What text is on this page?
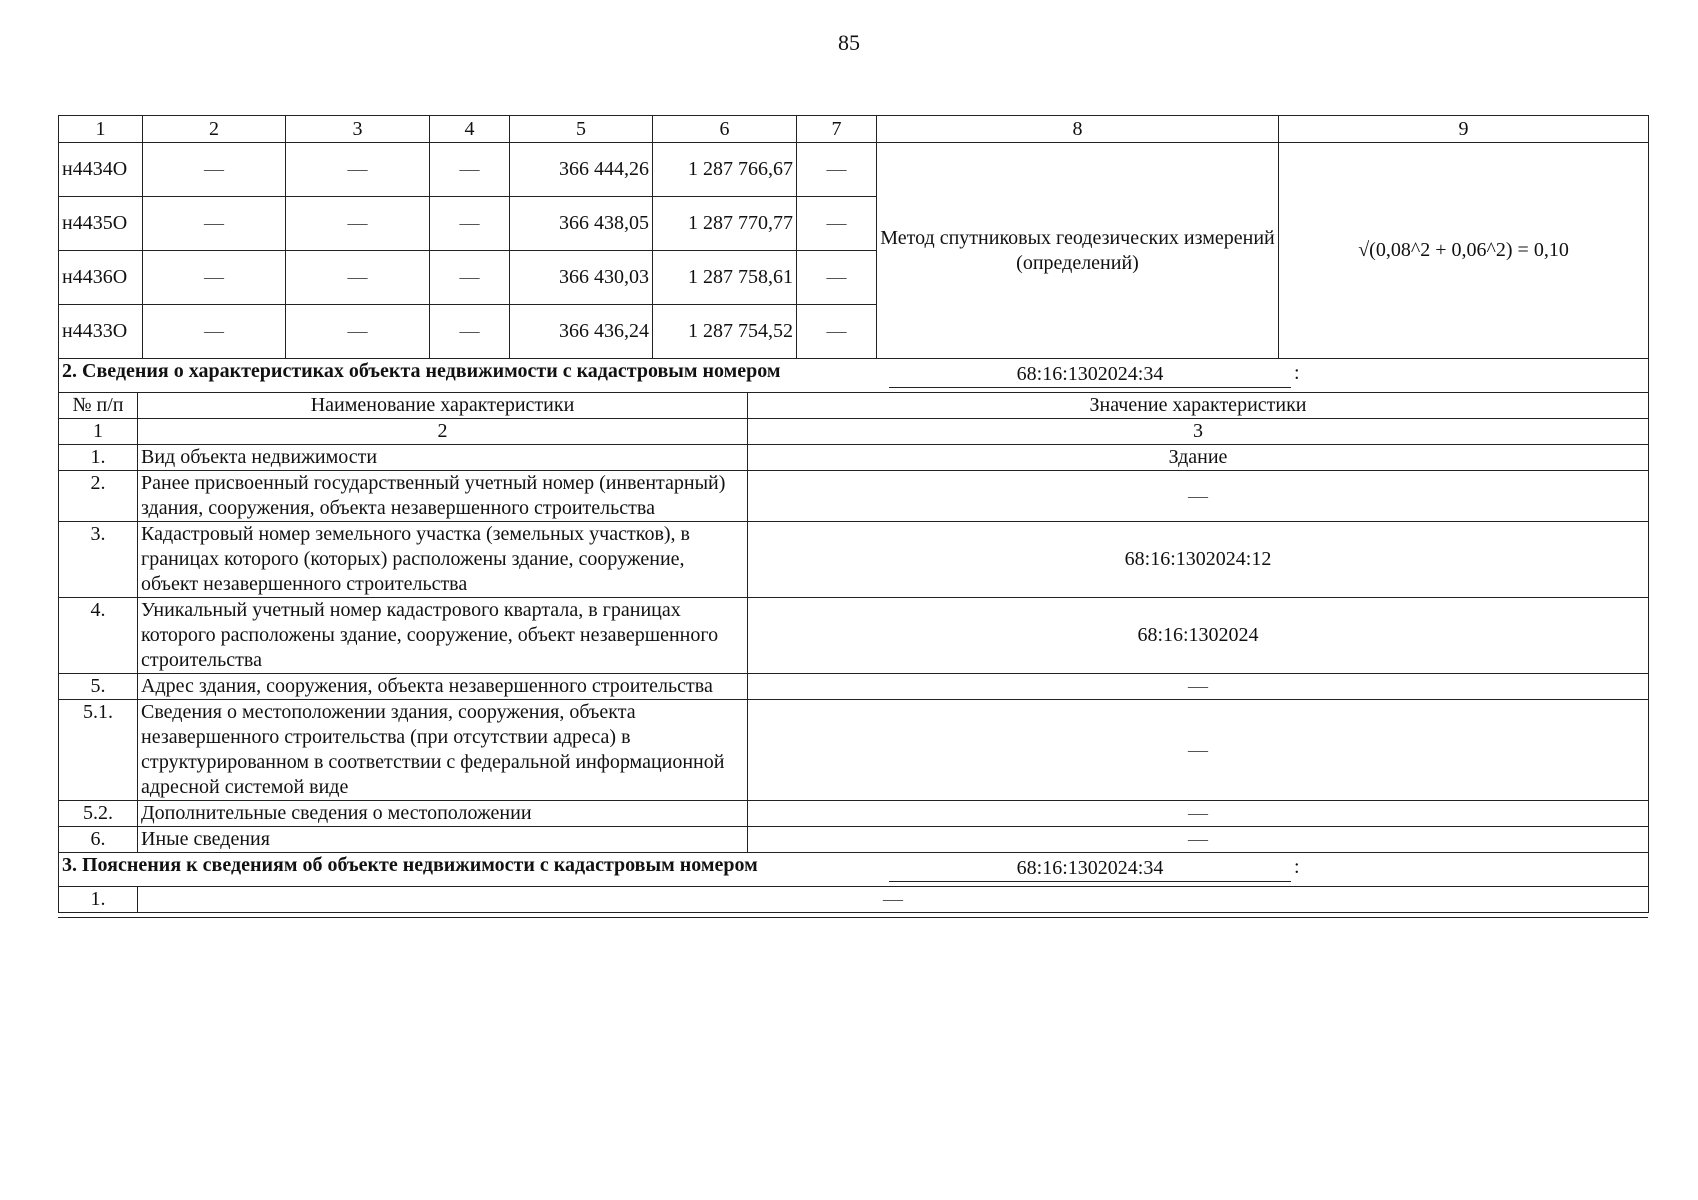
85
1	2	3	4	5	6	7	8	9
н4434О	—	—	—	366 444,26	1 287 766,67	—	Метод спутниковых геодезических измерений (определений)	√(0,08^2 + 0,06^2) = 0,10
н4435О	—	—	—	366 438,05	1 287 770,77	—		
н4436О	—	—	—	366 430,03	1 287 758,61	—		
н4433О	—	—	—	366 436,24	1 287 754,52	—		
2. Сведения о характеристиках объекта недвижимости с кадастровым номером 68:16:1302024:34 :		

№ п/п	Наименование характеристики	Значение характеристики
1	2	3
1.	Вид объекта недвижимости	Здание
2.	Ранее присвоенный государственный учетный номер (инвентарный) здания, сооружения, объекта незавершенного строительства	—
3.	Кадастровый номер земельного участка (земельных участков), в границах которого (которых) расположены здание, сооружение, объект незавершенного строительства	68:16:1302024:12
4.	Уникальный учетный номер кадастрового квартала, в границах которого расположены здание, сооружение, объект незавершенного строительства	68:16:1302024
5.	Адрес здания, сооружения, объекта незавершенного строительства	—
5.1.	Сведения о местоположении здания, сооружения, объекта незавершенного строительства (при отсутствии адреса) в структурированном в соответствии с федеральной информационной адресной системой виде	—
5.2.	Дополнительные сведения о местоположении	—
6.	Иные сведения	—
3. Пояснения к сведениям об объекте недвижимости с кадастровым номером 68:16:1302024:34 :		

1.	—	
